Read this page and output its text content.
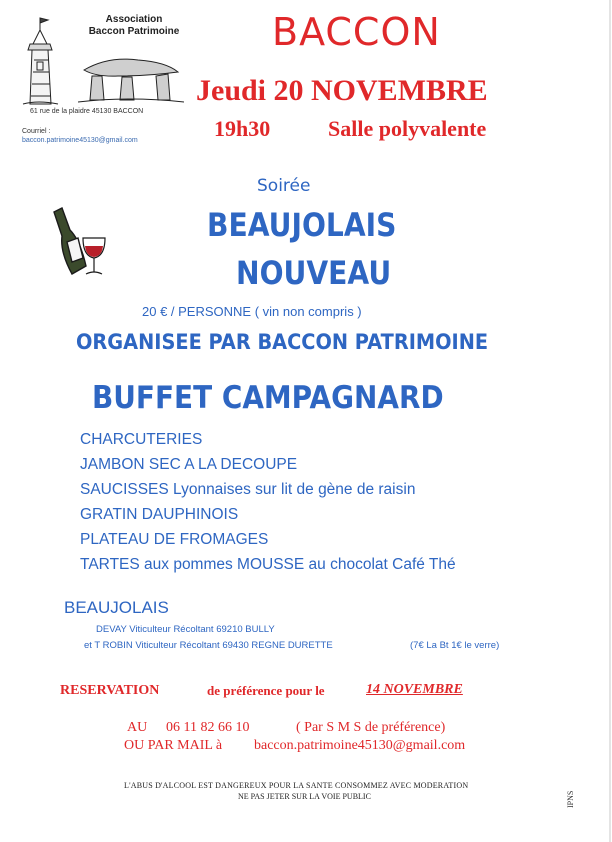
Association
Baccon Patrimoine
61 rue de la plaidre 45130 BACCON
Courriel :
baccon.patrimoine45130@gmail.com
BACCON
Jeudi 20 NOVEMBRE
19h30	Salle polyvalente
Soirée
BEAUJOLAIS
NOUVEAU
20 € / PERSONNE ( vin non compris )
ORGANISEE PAR BACCON PATRIMOINE
BUFFET CAMPAGNARD
CHARCUTERIES
JAMBON SEC A LA DECOUPE
SAUCISSES Lyonnaises sur lit de gène de raisin
GRATIN DAUPHINOIS
PLATEAU DE FROMAGES
TARTES aux pommes MOUSSE au chocolat Café Thé
BEAUJOLAIS
DEVAY Viticulteur Récoltant 69210 BULLY
et T ROBIN Viticulteur Récoltant 69430 REGNE DURETTE	(7€ La Bt 1€ le verre)
RESERVATION	de préférence pour le	14 NOVEMBRE
AU 06 11 82 66 10	( Par S M S de préférence)
OU PAR MAIL à baccon.patrimoine45130@gmail.com
L'ABUS D'ALCOOL EST DANGEREUX POUR LA SANTE CONSOMMEZ AVEC MODERATION
NE PAS JETER SUR LA VOIE PUBLIC	IPNS
